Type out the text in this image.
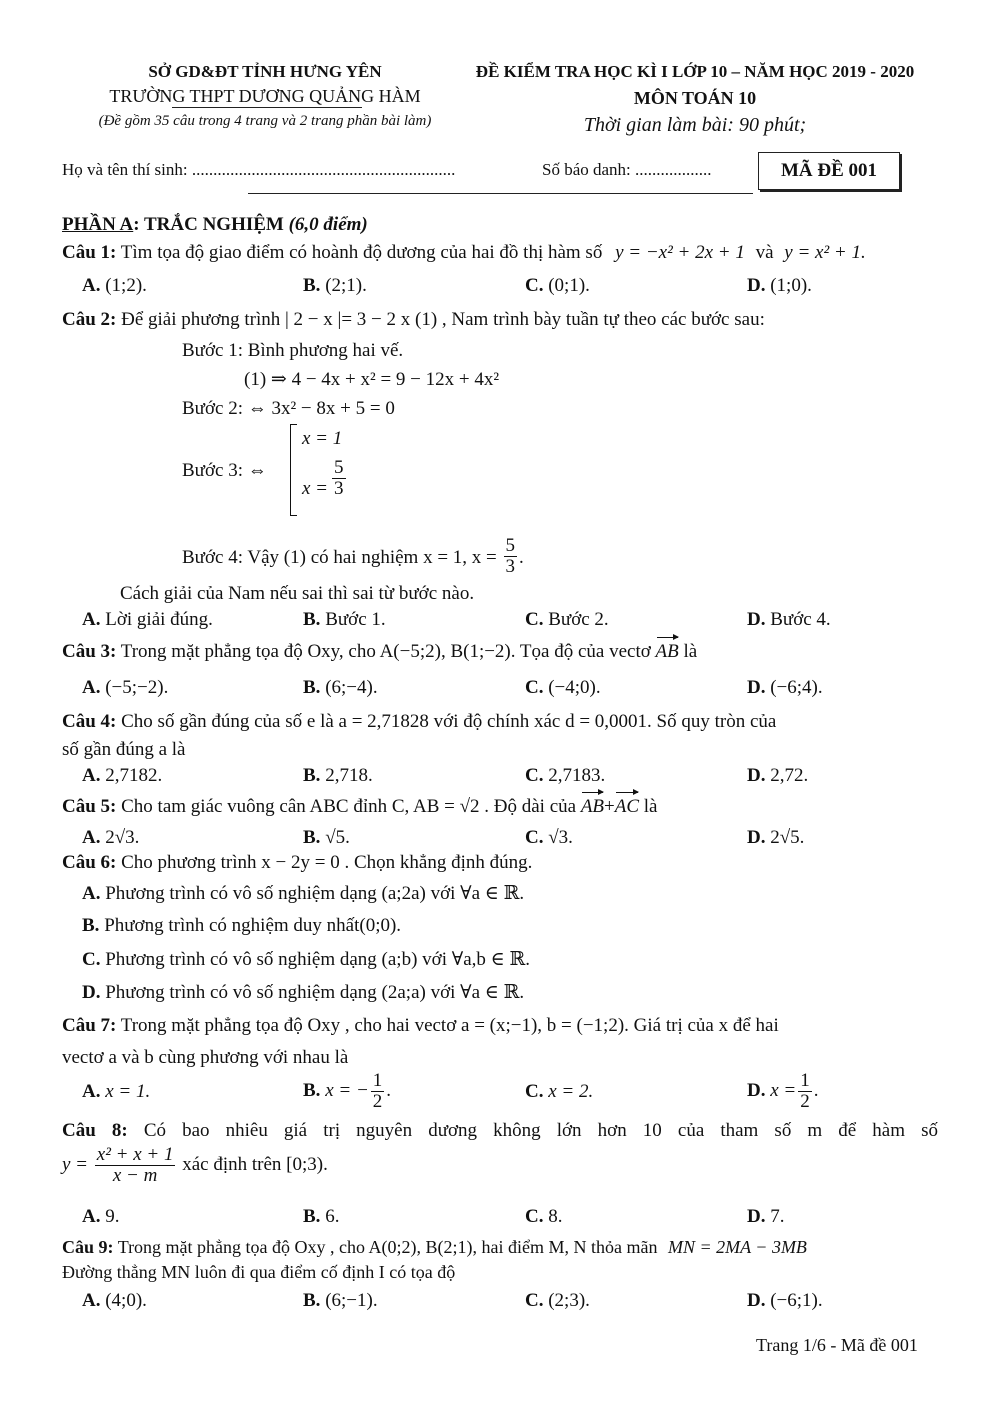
SỞ GD&ĐT TỈNH HƯNG YÊN
TRƯỜNG THPT DƯƠNG QUẢNG HÀM
(Đề gồm 35 câu trong 4 trang và 2 trang phần bài làm)
ĐỀ KIỂM TRA HỌC KÌ I LỚP 10 – NĂM HỌC 2019 - 2020
MÔN TOÁN 10
Thời gian làm bài: 90 phút;
Họ và tên thí sinh: ..............................................................	Số báo danh: ..................	MÃ ĐỀ 001
PHẦN A: TRẮC NGHIỆM (6,0 điểm)
Câu 1: Tìm tọa độ giao điểm có hoành độ dương của hai đồ thị hàm số y = −x² + 2x + 1 và y = x² + 1.
A. (1;2).	B. (2;1).	C. (0;1).	D. (1;0).
Câu 2: Để giải phương trình | 2 − x |= 3 − 2 x (1) , Nam trình bày tuần tự theo các bước sau:
Bước 1: Bình phương hai vế.
(1) ⇒ 4 − 4x + x² = 9 − 12x + 4x²
Bước 2: ⇔ 3x² − 8x + 5 = 0
Bước 3: ⇔
x = 1
$x = \frac{5}{3}$
Bước 4: Vậy (1) có hai nghiệm x = 1, $x = \frac{5}{3}$ .
Cách giải của Nam nếu sai thì sai từ bước nào.
A. Lời giải đúng.	B. Bước 1.	C. Bước 2.	D. Bước 4.
Câu 3: Trong mặt phẳng tọa độ Oxy, cho A(−5;2), B(1;−2). Tọa độ của vectơ AB là
A. (−5;−2).	B. (6;−4).	C. (−4;0).	D. (−6;4).
Câu 4: Cho số gần đúng của số e là a = 2,71828 với độ chính xác d = 0,0001. Số quy tròn của
số gần đúng a là
A. 2,7182.	B. 2,718.	C. 2,7183.	D. 2,72.
Câu 5: Cho tam giác vuông cân ABC đỉnh C, AB = √2 . Độ dài của AB+AC là
A. 2√3.	B. √5.	C. √3.	D. 2√5.
Câu 6: Cho phương trình x − 2y = 0 . Chọn khẳng định đúng.
A. Phương trình có vô số nghiệm dạng (a;2a) với ∀a ∈ ℝ.
B. Phương trình có nghiệm duy nhất(0;0).
C. Phương trình có vô số nghiệm dạng (a;b) với ∀a,b ∈ ℝ.
D. Phương trình có vô số nghiệm dạng (2a;a) với ∀a ∈ ℝ.
Câu 7: Trong mặt phẳng tọa độ Oxy , cho hai vectơ a = (x;−1), b = (−1;2). Giá trị của x để hai
vectơ a và b cùng phương với nhau là
A. x = 1.	B. x = − $\frac{1}{2}$ .	C. x = 2.	D. $x = \frac{1}{2}$ .
Câu 8: Có bao nhiêu giá trị nguyên dương không lớn hơn 10 của tham số m để hàm số
$y = \frac{\text{x² + x + 1}}{x - m}$ xác định trên [0;3).
A. 9.	B. 6.	C. 8.	D. 7.
Câu 9: Trong mặt phẳng tọa độ Oxy , cho A(0;2), B(2;1), hai điểm M, N thỏa mãn MN = 2MA − 3MB
Đường thẳng MN luôn đi qua điểm cố định I có tọa độ
A. (4;0).	B. (6;−1).	C. (2;3).	D. (−6;1).
Trang 1/6 - Mã đề 001
